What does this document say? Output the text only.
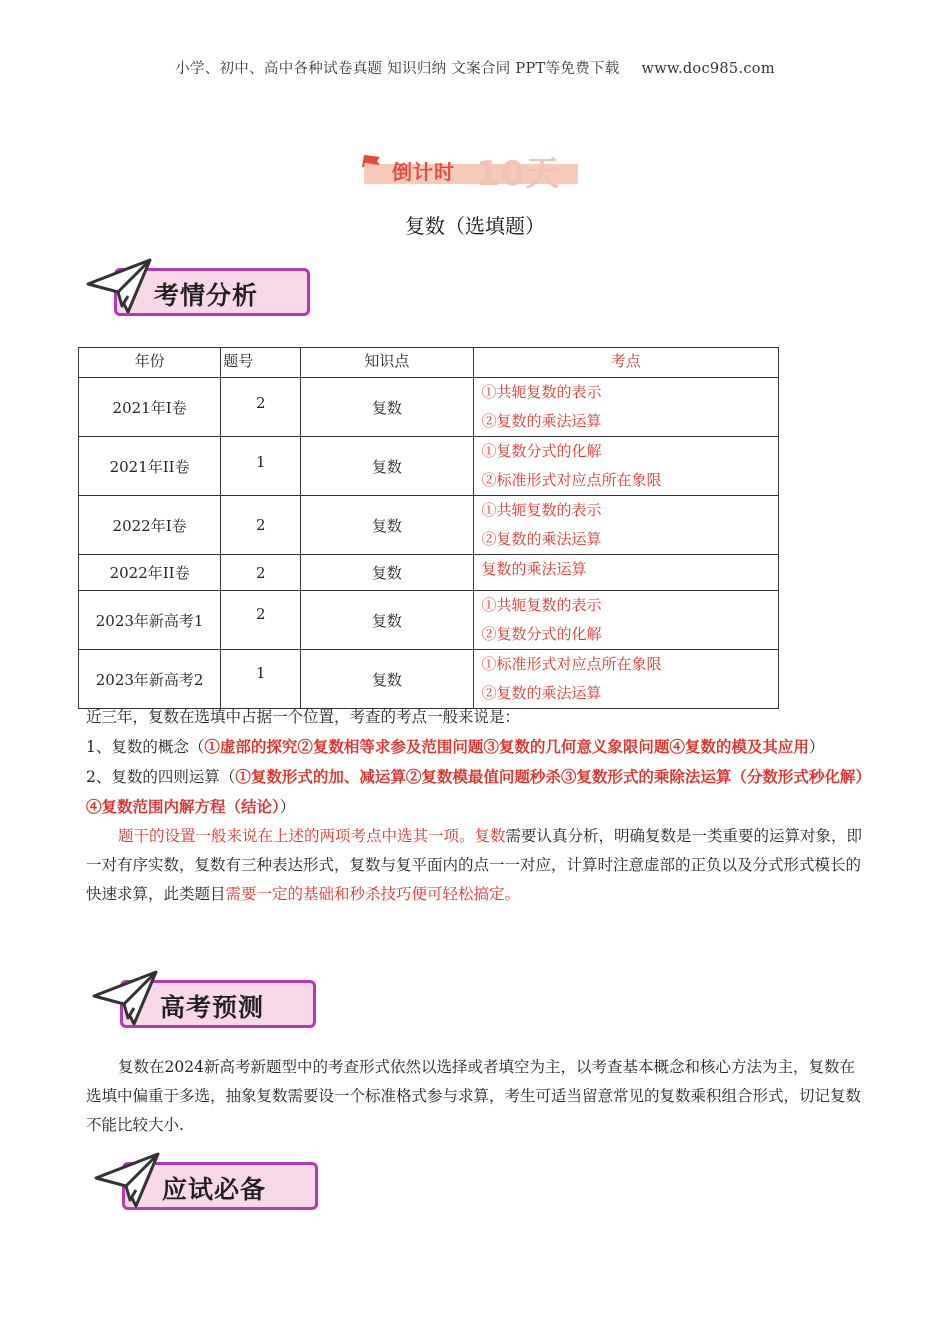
小学、初中、高中各种试卷真题 知识归纳 文案合同 PPT等免费下载 www.doc985.com
倒计时 10天
复数（选填题）
考情分析
年份	题号	知识点	考点
2021年I卷	2	复数	①共轭复数的表示
②复数的乘法运算

2021年II卷	1	复数	①复数分式的化解
②标准形式对应点所在象限

2022年I卷	2	复数	①共轭复数的表示
②复数的乘法运算

2022年II卷	2	复数	复数的乘法运算

2023年新高考1	2	复数	①共轭复数的表示
②复数分式的化解

2023年新高考2	1	复数	①标准形式对应点所在象限
②复数的乘法运算
近三年，复数在选填中占据一个位置，考查的考点一般来说是：
1、复数的概念（①虚部的探究②复数相等求参及范围问题③复数的几何意义象限问题④复数的模及其应用）
2、复数的四则运算（①复数形式的加、减运算②复数模最值问题秒杀③复数形式的乘除法运算（分数形式秒化解）④复数范围内解方程（结论））
题干的设置一般来说在上述的两项考点中选其一项。复数需要认真分析，明确复数是一类重要的运算对象，即一对有序实数，复数有三种表达形式，复数与复平面内的点一一对应，计算时注意虚部的正负以及分式形式模长的快速求算，此类题目需要一定的基础和秒杀技巧便可轻松搞定。
高考预测
复数在2024新高考新题型中的考查形式依然以选择或者填空为主，以考查基本概念和核心方法为主，复数在选填中偏重于多选，抽象复数需要设一个标准格式参与求算，考生可适当留意常见的复数乘积组合形式，切记复数不能比较大小.
应试必备
